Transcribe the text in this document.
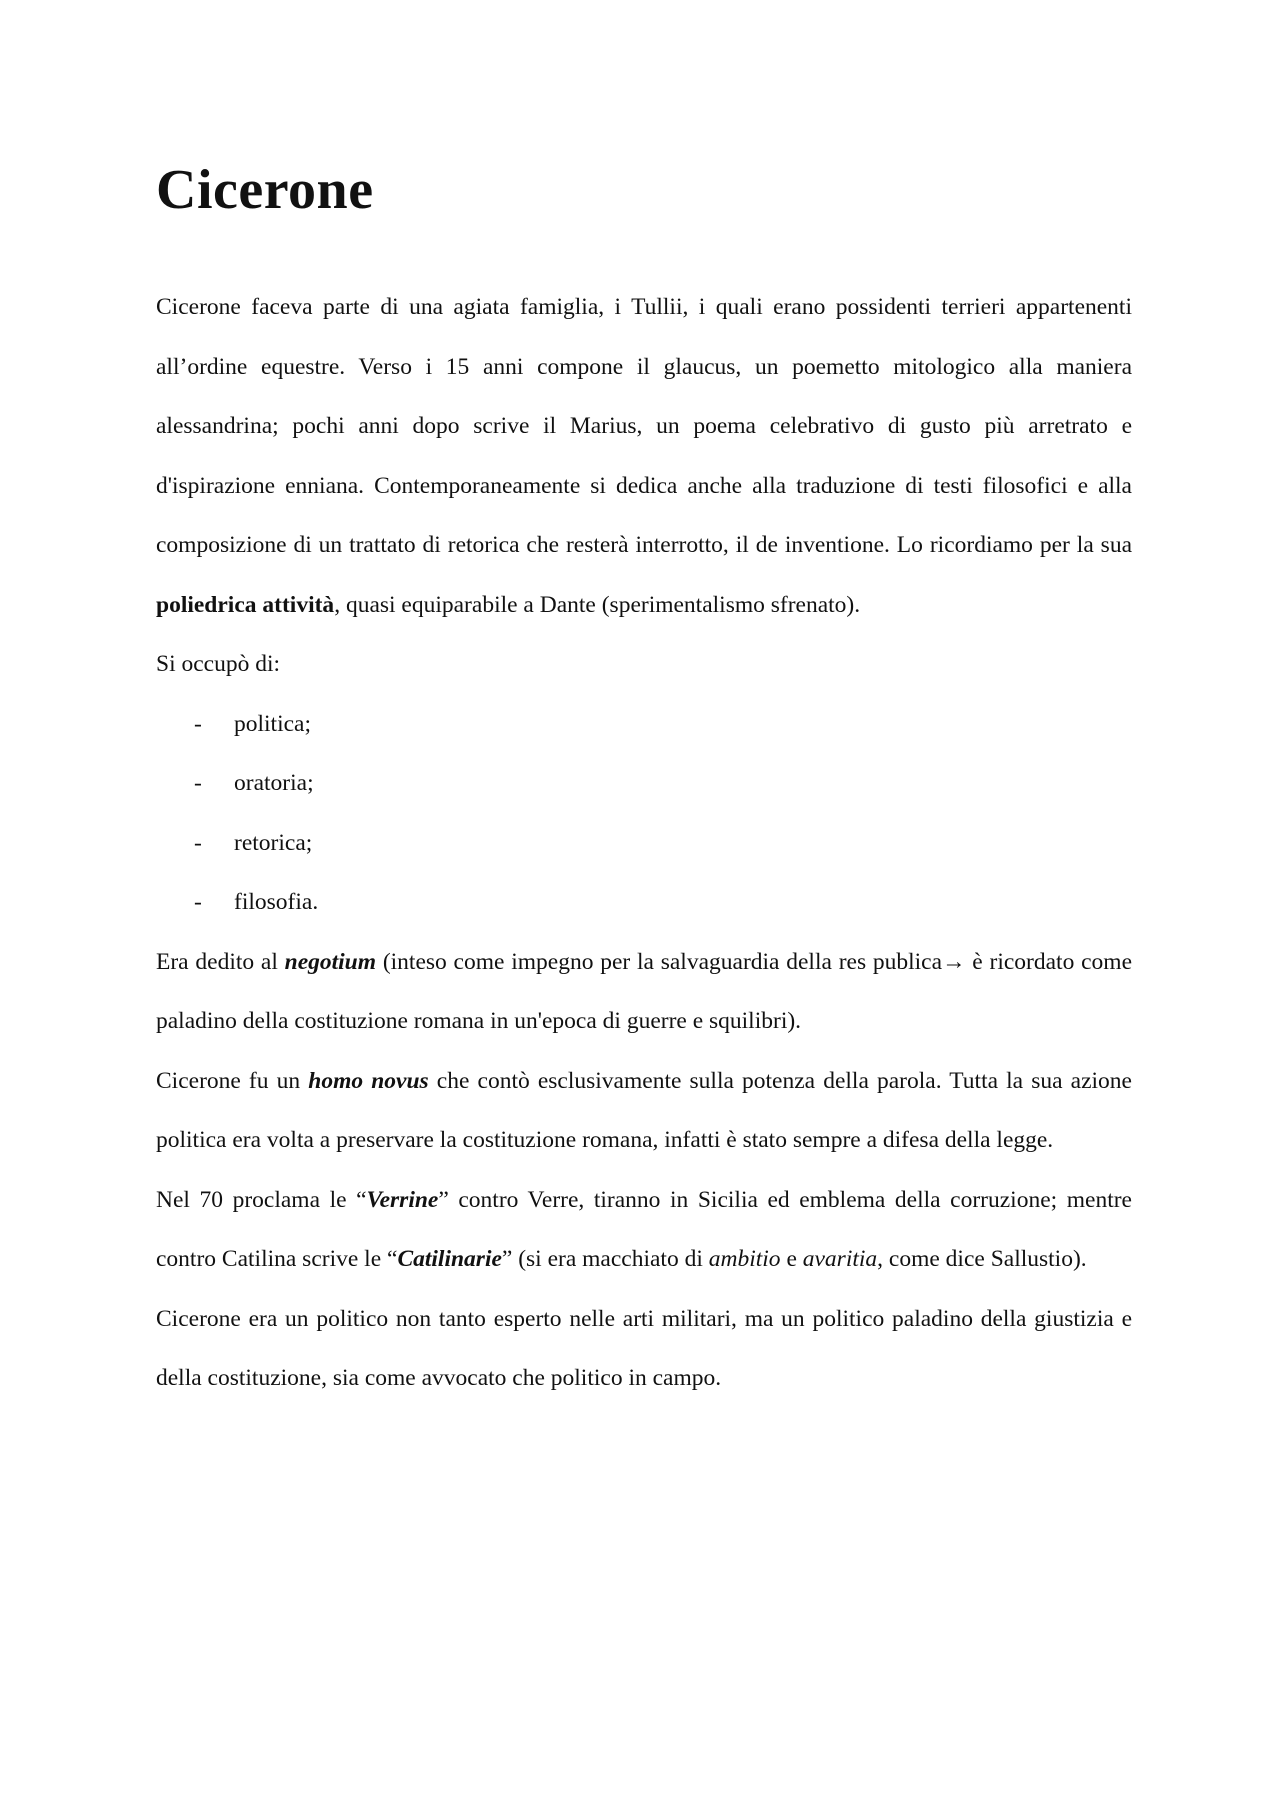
Cicerone

Cicerone faceva parte di una agiata famiglia, i Tullii, i quali erano possidenti terrieri appartenenti all’ordine equestre. Verso i 15 anni compone il glaucus, un poemetto mitologico alla maniera alessandrina; pochi anni dopo scrive il Marius, un poema celebrativo di gusto più arretrato e d'ispirazione enniana. Contemporaneamente si dedica anche alla traduzione di testi filosofici e alla composizione di un trattato di retorica che resterà interrotto, il de inventione. Lo ricordiamo per la sua poliedrica attività, quasi equiparabile a Dante (sperimentalismo sfrenato).

Si occupò di:

-	politica;
-	oratoria;
-	retorica;
-	filosofia.

Era dedito al negotium (inteso come impegno per la salvaguardia della res publica→ è ricordato come paladino della costituzione romana in un'epoca di guerre e squilibri).

Cicerone fu un homo novus che contò esclusivamente sulla potenza della parola. Tutta la sua azione politica era volta a preservare la costituzione romana, infatti è stato sempre a difesa della legge.

Nel 70 proclama le “Verrine” contro Verre, tiranno in Sicilia ed emblema della corruzione; mentre contro Catilina scrive le “Catilinarie” (si era macchiato di ambitio e avaritia, come dice Sallustio).

Cicerone era un politico non tanto esperto nelle arti militari, ma un politico paladino della giustizia e della costituzione, sia come avvocato che politico in campo.
